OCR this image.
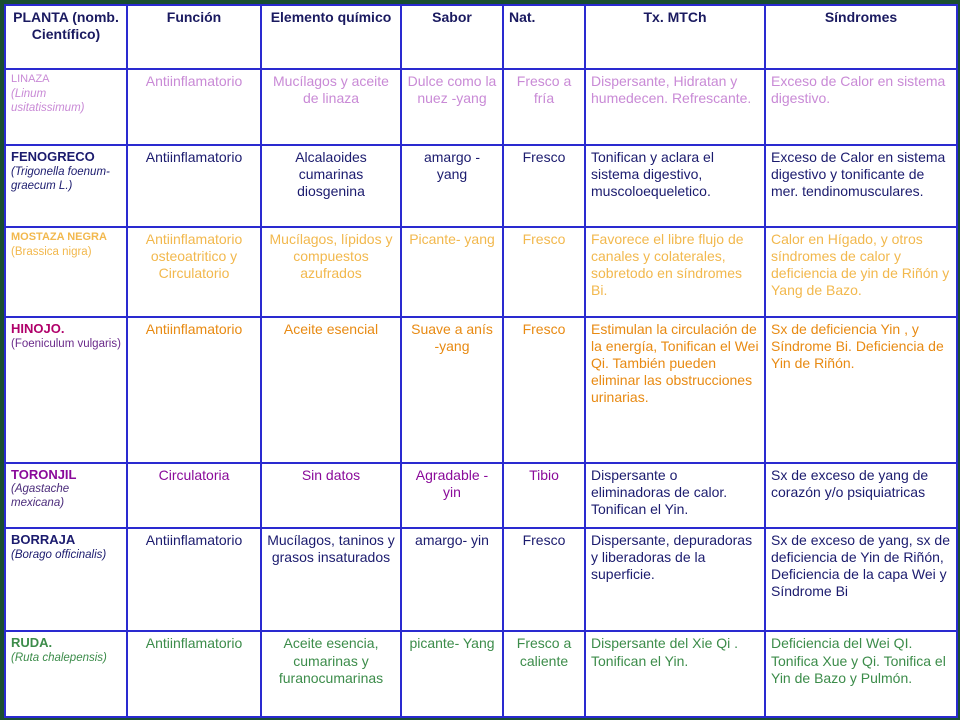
PLANTA (nomb. Científico)	Función	Elemento químico	Sabor	Nat.	Tx. MTCh	Síndromes

LINAZA
(Linum usitatissimum)	Antiinflamatorio	Mucílagos y aceite de linaza	Dulce como la nuez -yang	Fresco a fría	Dispersante, Hidratan y humedecen. Refrescante.	Exceso de Calor en sistema digestivo.

FENOGRECO
(Trigonella foenum-graecum L.)	Antiinflamatorio	Alcalaoides cumarinas diosgenina	amargo - yang	Fresco	Tonifican y aclara el sistema digestivo, muscoloequeletico.	Exceso de Calor en sistema digestivo y tonificante de mer. tendinomusculares.

MOSTAZA NEGRA
(Brassica nigra)	Antiinflamatorio osteoatritico y Circulatorio	Mucílagos, lípidos y compuestos azufrados	Picante- yang	Fresco	Favorece el libre flujo de canales y colaterales, sobretodo en síndromes Bi.	Calor en Hígado, y otros síndromes de calor y deficiencia de yin de Riñón y Yang de Bazo.

HINOJO.
(Foeniculum vulgaris)	Antiinflamatorio	Aceite esencial	Suave a anís -yang	Fresco	Estimulan la circulación de la energía, Tonifican el Wei Qi. También pueden eliminar las obstrucciones urinarias.	Sx de deficiencia Yin , y Síndrome Bi. Deficiencia de Yin de Riñón.

TORONJIL
(Agastache mexicana)	Circulatoria	Sin datos	Agradable -yin	Tibio	Dispersante o eliminadoras de calor. Tonifican el Yin.	Sx de exceso de yang de corazón y/o psiquiatricas

BORRAJA
(Borago officinalis)	Antiinflamatorio	Mucílagos, taninos y grasos insaturados	amargo- yin	Fresco	Dispersante, depuradoras y liberadoras de la superficie.	Sx de exceso de yang, sx de deficiencia de Yin de Riñón, Deficiencia de la capa Wei y Síndrome Bi

RUDA.
(Ruta chalepensis)	Antiinflamatorio	Aceite esencia, cumarinas y furanocumarinas	picante- Yang	Fresco a caliente	Dispersante del Xie Qi . Tonifican el Yin.	Deficiencia del Wei QI. Tonifica Xue y Qi. Tonifica el Yin de Bazo y Pulmón.
